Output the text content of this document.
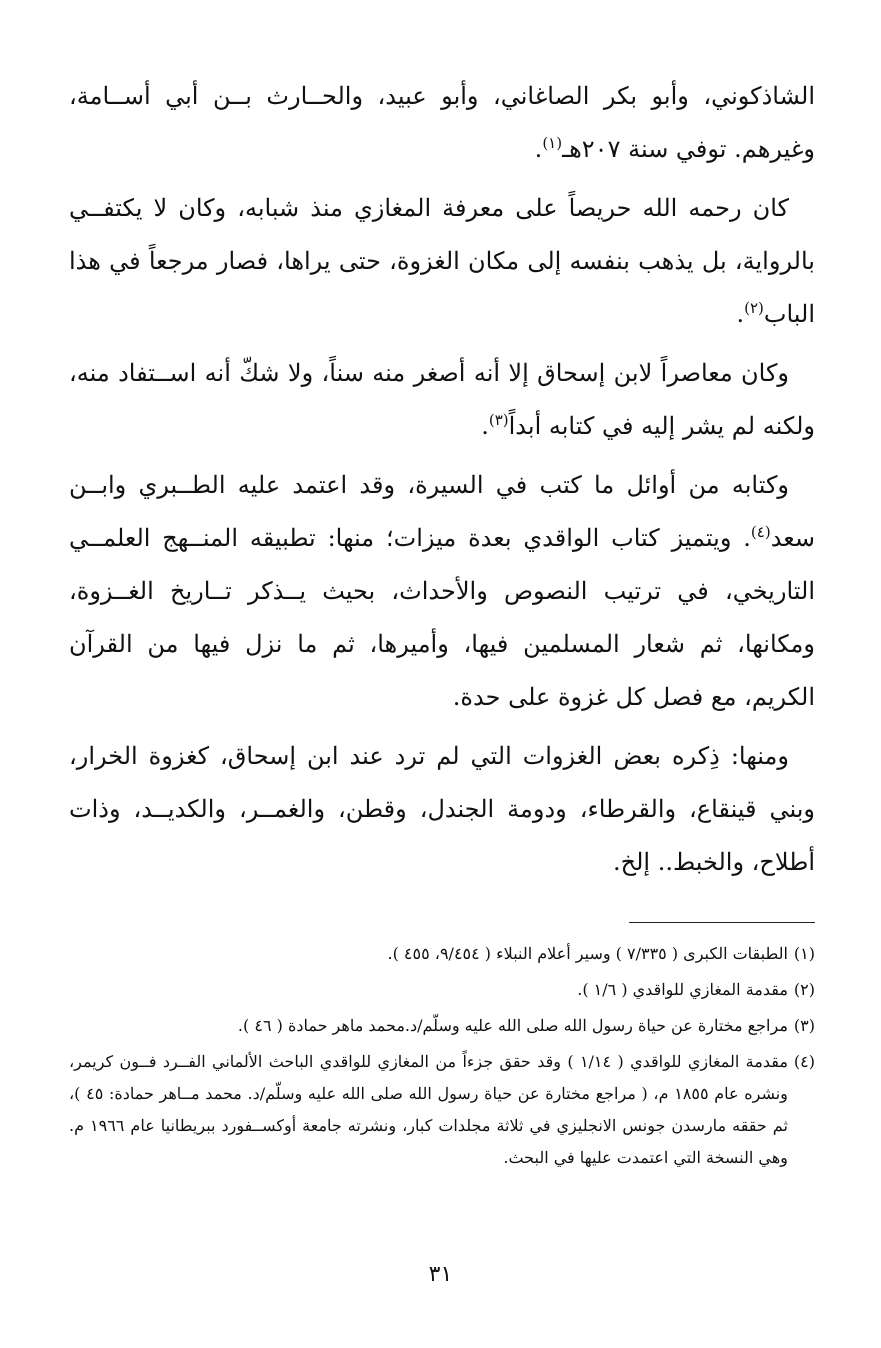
الشاذكوني، وأبو بكر الصاغاني، وأبو عبيد، والحــارث بــن أبي أســامة، وغيرهم. توفي سنة ٢٠٧هـ$^{(١)}$.

كان رحمه الله حريصاً على معرفة المغازي منذ شبابه، وكان لا يكتفــي بالرواية، بل يذهب بنفسه إلى مكان الغزوة، حتى يراها، فصار مرجعاً في هذا الباب$^{(٢)}$.

وكان معاصراً لابن إسحاق إلا أنه أصغر منه سناً، ولا شكّ أنه اســتفاد منه، ولكنه لم يشر إليه في كتابه أبداً$^{(٣)}$.

وكتابه من أوائل ما كتب في السيرة، وقد اعتمد عليه الطــبري وابــن سعد$^{(٤)}$. ويتميز كتاب الواقدي بعدة ميزات؛ منها: تطبيقه المنــهج العلمــي التاريخي، في ترتيب النصوص والأحداث، بحيث يــذكر تــاريخ الغــزوة، ومكانها، ثم شعار المسلمين فيها، وأميرها، ثم ما نزل فيها من القرآن الكريم، مع فصل كل غزوة على حدة.

ومنها: ذِكره بعض الغزوات التي لم ترد عند ابن إسحاق، كغزوة الخرار، وبني قينقاع، والقرطاء، ودومة الجندل، وقطن، والغمــر، والكديــد، وذات أطلاح، والخبط.. إلخ.

(١)
الطبقات الكبرى ( ٧/٣٣٥ ) وسير أعلام النبلاء ( ٩/٤٥٤، ٤٥٥ ).
(٢)
مقدمة المغازي للواقدي ( ١/٦ ).
(٣)
مراجع مختارة عن حياة رسول الله صلى الله عليه وسلّم/د.محمد ماهر حمادة ( ٤٦ ).
(٤)
مقدمة المغازي للواقدي ( ١/١٤ ) وقد حقق جزءاً من المغازي للواقدي الباحث الألماني الفــرد فــون كريمر، ونشره عام ١٨٥٥ م، ( مراجع مختارة عن حياة رسول الله صلى الله عليه وسلّم/د. محمد مــاهر حمادة: ٤٥ )، ثم حققه مارسدن جونس الانجليزي في ثلاثة مجلدات كبار، ونشرته جامعة أوكســفورد ببريطانيا عام ١٩٦٦ م. وهي النسخة التي اعتمدت عليها في البحث.
٣١
